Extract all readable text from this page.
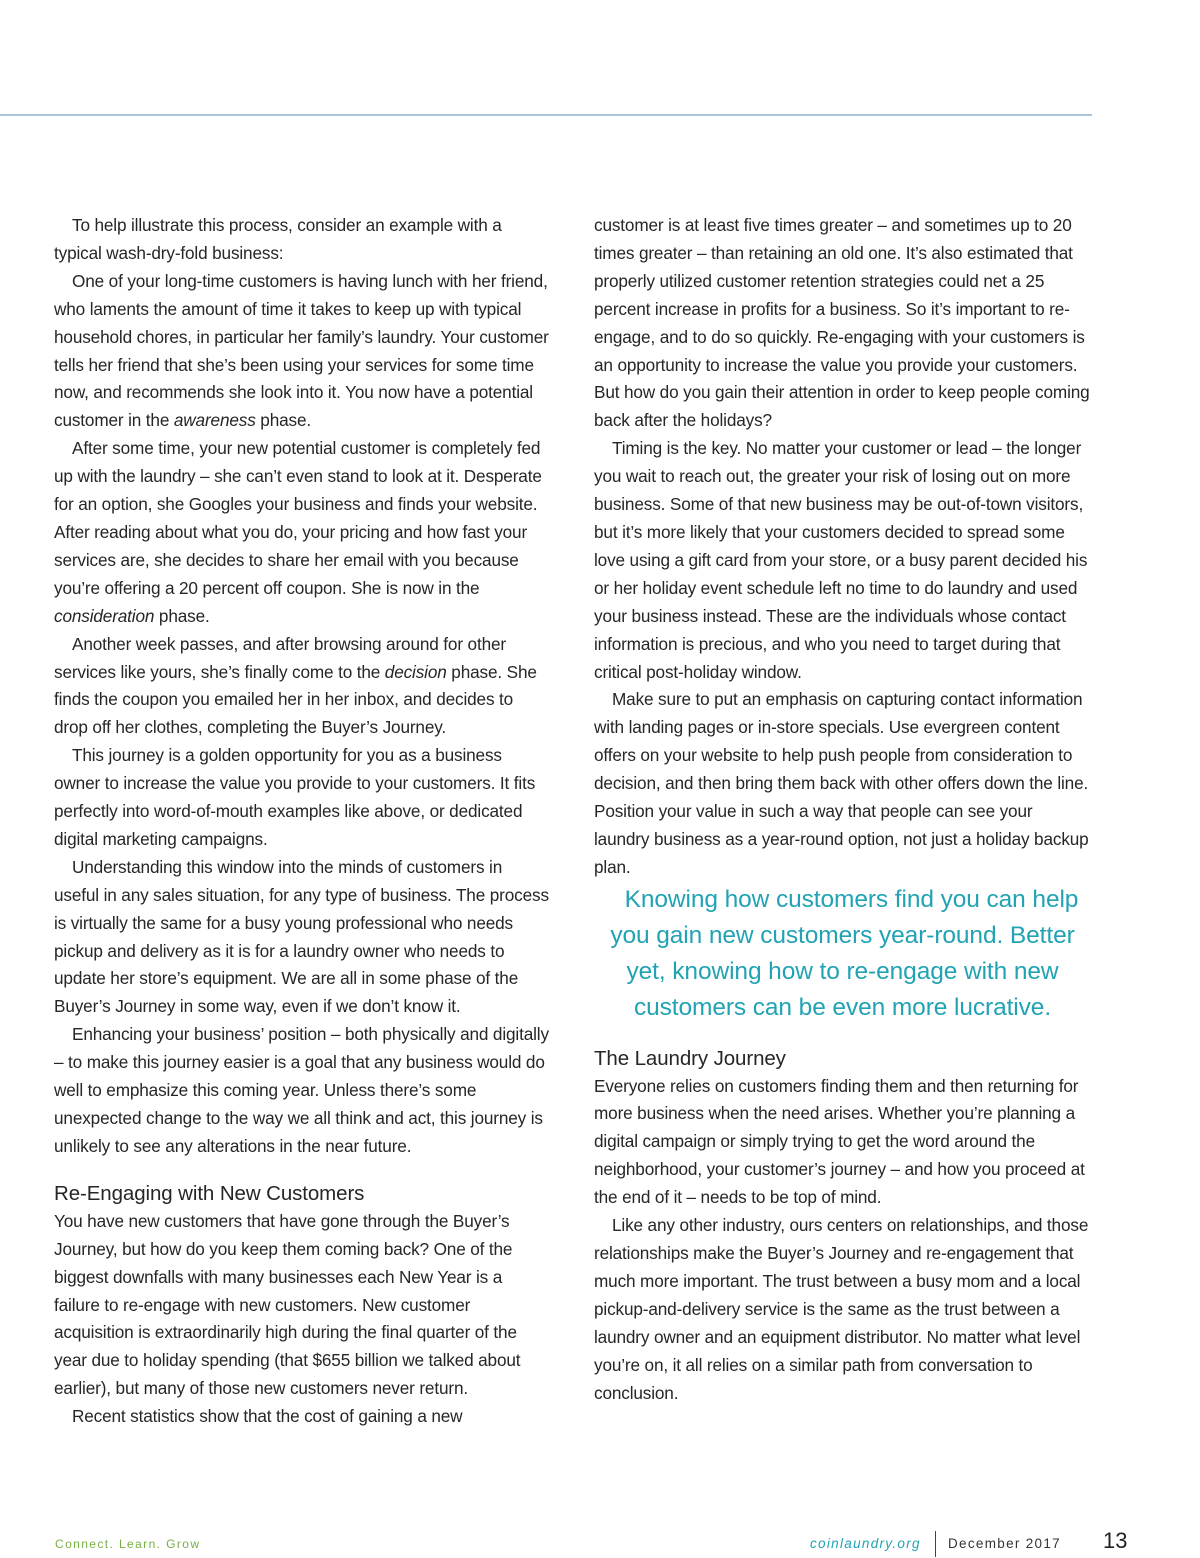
To help illustrate this process, consider an example with a typical wash-dry-fold business:

One of your long-time customers is having lunch with her friend, who laments the amount of time it takes to keep up with typical household chores, in particular her family’s laundry. Your customer tells her friend that she’s been using your services for some time now, and recommends she look into it. You now have a potential customer in the awareness phase.

After some time, your new potential customer is completely fed up with the laundry – she can’t even stand to look at it. Desperate for an option, she Googles your business and finds your website. After reading about what you do, your pricing and how fast your services are, she decides to share her email with you because you’re offering a 20 percent off coupon. She is now in the consideration phase.

Another week passes, and after browsing around for other services like yours, she’s finally come to the decision phase. She finds the coupon you emailed her in her inbox, and decides to drop off her clothes, completing the Buyer’s Journey.

This journey is a golden opportunity for you as a business owner to increase the value you provide to your customers. It fits perfectly into word-of-mouth examples like above, or dedicated digital marketing campaigns.

Understanding this window into the minds of customers in useful in any sales situation, for any type of business. The process is virtually the same for a busy young professional who needs pickup and delivery as it is for a laundry owner who needs to update her store’s equipment. We are all in some phase of the Buyer’s Journey in some way, even if we don’t know it.

Enhancing your business’ position – both physically and digitally – to make this journey easier is a goal that any business would do well to emphasize this coming year. Unless there’s some unexpected change to the way we all think and act, this journey is unlikely to see any alterations in the near future.

Re-Engaging with New Customers

You have new customers that have gone through the Buyer’s Journey, but how do you keep them coming back? One of the biggest downfalls with many businesses each New Year is a failure to re-engage with new customers. New customer acquisition is extraordinarily high during the final quarter of the year due to holiday spending (that $655 billion we talked about earlier), but many of those new customers never return.

Recent statistics show that the cost of gaining a new

customer is at least five times greater – and sometimes up to 20 times greater – than retaining an old one. It’s also estimated that properly utilized customer retention strategies could net a 25 percent increase in profits for a business. So it’s important to re-engage, and to do so quickly. Re-engaging with your customers is an opportunity to increase the value you provide your customers. But how do you gain their attention in order to keep people coming back after the holidays?

Timing is the key. No matter your customer or lead – the longer you wait to reach out, the greater your risk of losing out on more business. Some of that new business may be out-of-town visitors, but it’s more likely that your customers decided to spread some love using a gift card from your store, or a busy parent decided his or her holiday event schedule left no time to do laundry and used your business instead. These are the individuals whose contact information is precious, and who you need to target during that critical post-holiday window.

Make sure to put an emphasis on capturing contact information with landing pages or in-store specials. Use evergreen content offers on your website to help push people from consideration to decision, and then bring them back with other offers down the line. Position your value in such a way that people can see your laundry business as a year-round option, not just a holiday backup plan.

Knowing how customers find you can help you gain new customers year-round. Better yet, knowing how to re-engage with new customers can be even more lucrative.

The Laundry Journey

Everyone relies on customers finding them and then returning for more business when the need arises. Whether you’re planning a digital campaign or simply trying to get the word around the neighborhood, your customer’s journey – and how you proceed at the end of it – needs to be top of mind.

Like any other industry, ours centers on relationships, and those relationships make the Buyer’s Journey and re-engagement that much more important. The trust between a busy mom and a local pickup-and-delivery service is the same as the trust between a laundry owner and an equipment distributor. No matter what level you’re on, it all relies on a similar path from conversation to conclusion.

Connect. Learn. Grow	coinlaundry.org December 2017 13
